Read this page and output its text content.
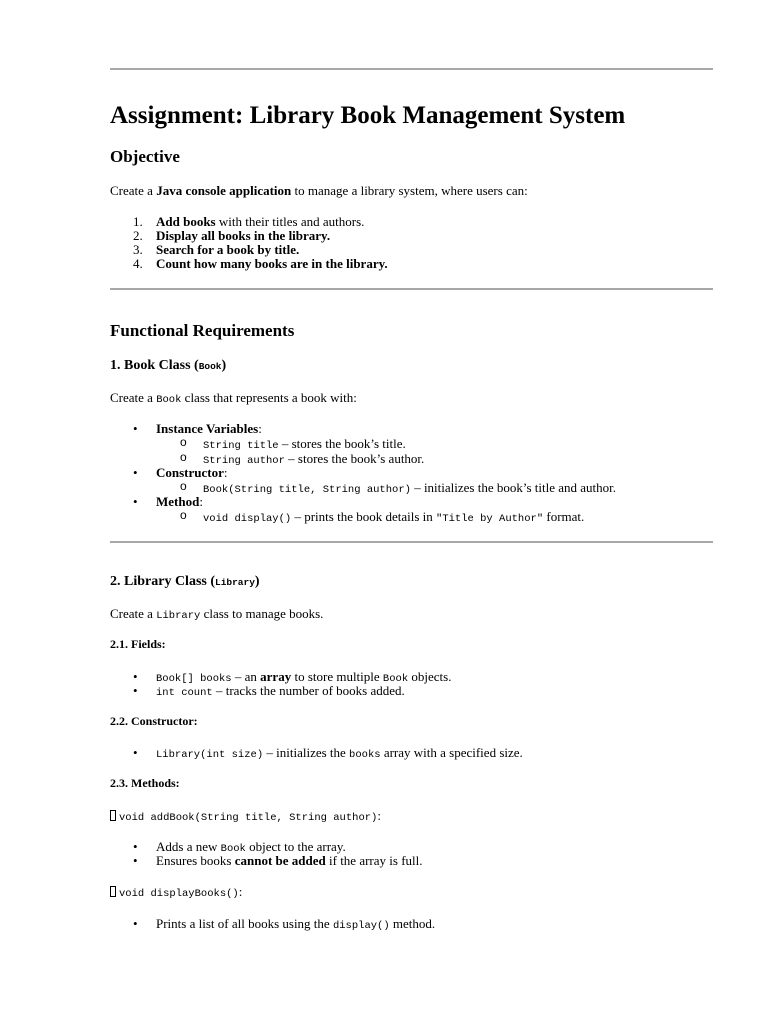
Assignment: Library Book Management System
Objective
Create a Java console application to manage a library system, where users can:
1. Add books with their titles and authors.
2. Display all books in the library.
3. Search for a book by title.
4. Count how many books are in the library.
Functional Requirements
1. Book Class (Book)
Create a Book class that represents a book with:
• Instance Variables:
o String title – stores the book’s title.
o String author – stores the book’s author.
• Constructor:
o Book(String title, String author) – initializes the book’s title and author.
• Method:
o void display() – prints the book details in "Title by Author" format.
2. Library Class (Library)
Create a Library class to manage books.
2.1. Fields:
• Book[] books – an array to store multiple Book objects.
• int count – tracks the number of books added.
2.2. Constructor:
• Library(int size) – initializes the books array with a specified size.
2.3. Methods:
void addBook(String title, String author):
• Adds a new Book object to the array.
• Ensures books cannot be added if the array is full.
void displayBooks():
• Prints a list of all books using the display() method.
